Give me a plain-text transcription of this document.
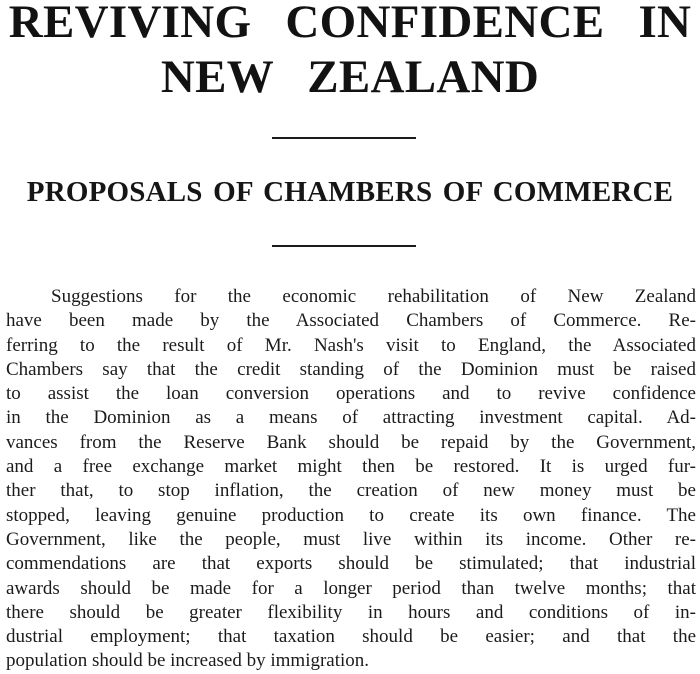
REVIVING CONFIDENCE IN
NEW ZEALAND
PROPOSALS OF CHAMBERS OF COMMERCE
Suggestions for the economic rehabilitation of New Zealand
have been made by the Associated Chambers of Commerce. Re-
ferring to the result of Mr. Nash's visit to England, the Associated
Chambers say that the credit standing of the Dominion must be raised
to assist the loan conversion operations and to revive confidence
in the Dominion as a means of attracting investment capital. Ad-
vances from the Reserve Bank should be repaid by the Government,
and a free exchange market might then be restored. It is urged fur-
ther that, to stop inflation, the creation of new money must be
stopped, leaving genuine production to create its own finance. The
Government, like the people, must live within its income. Other re-
commendations are that exports should be stimulated; that industrial
awards should be made for a longer period than twelve months; that
there should be greater flexibility in hours and conditions of in-
dustrial employment; that taxation should be easier; and that the
population should be increased by immigration.
